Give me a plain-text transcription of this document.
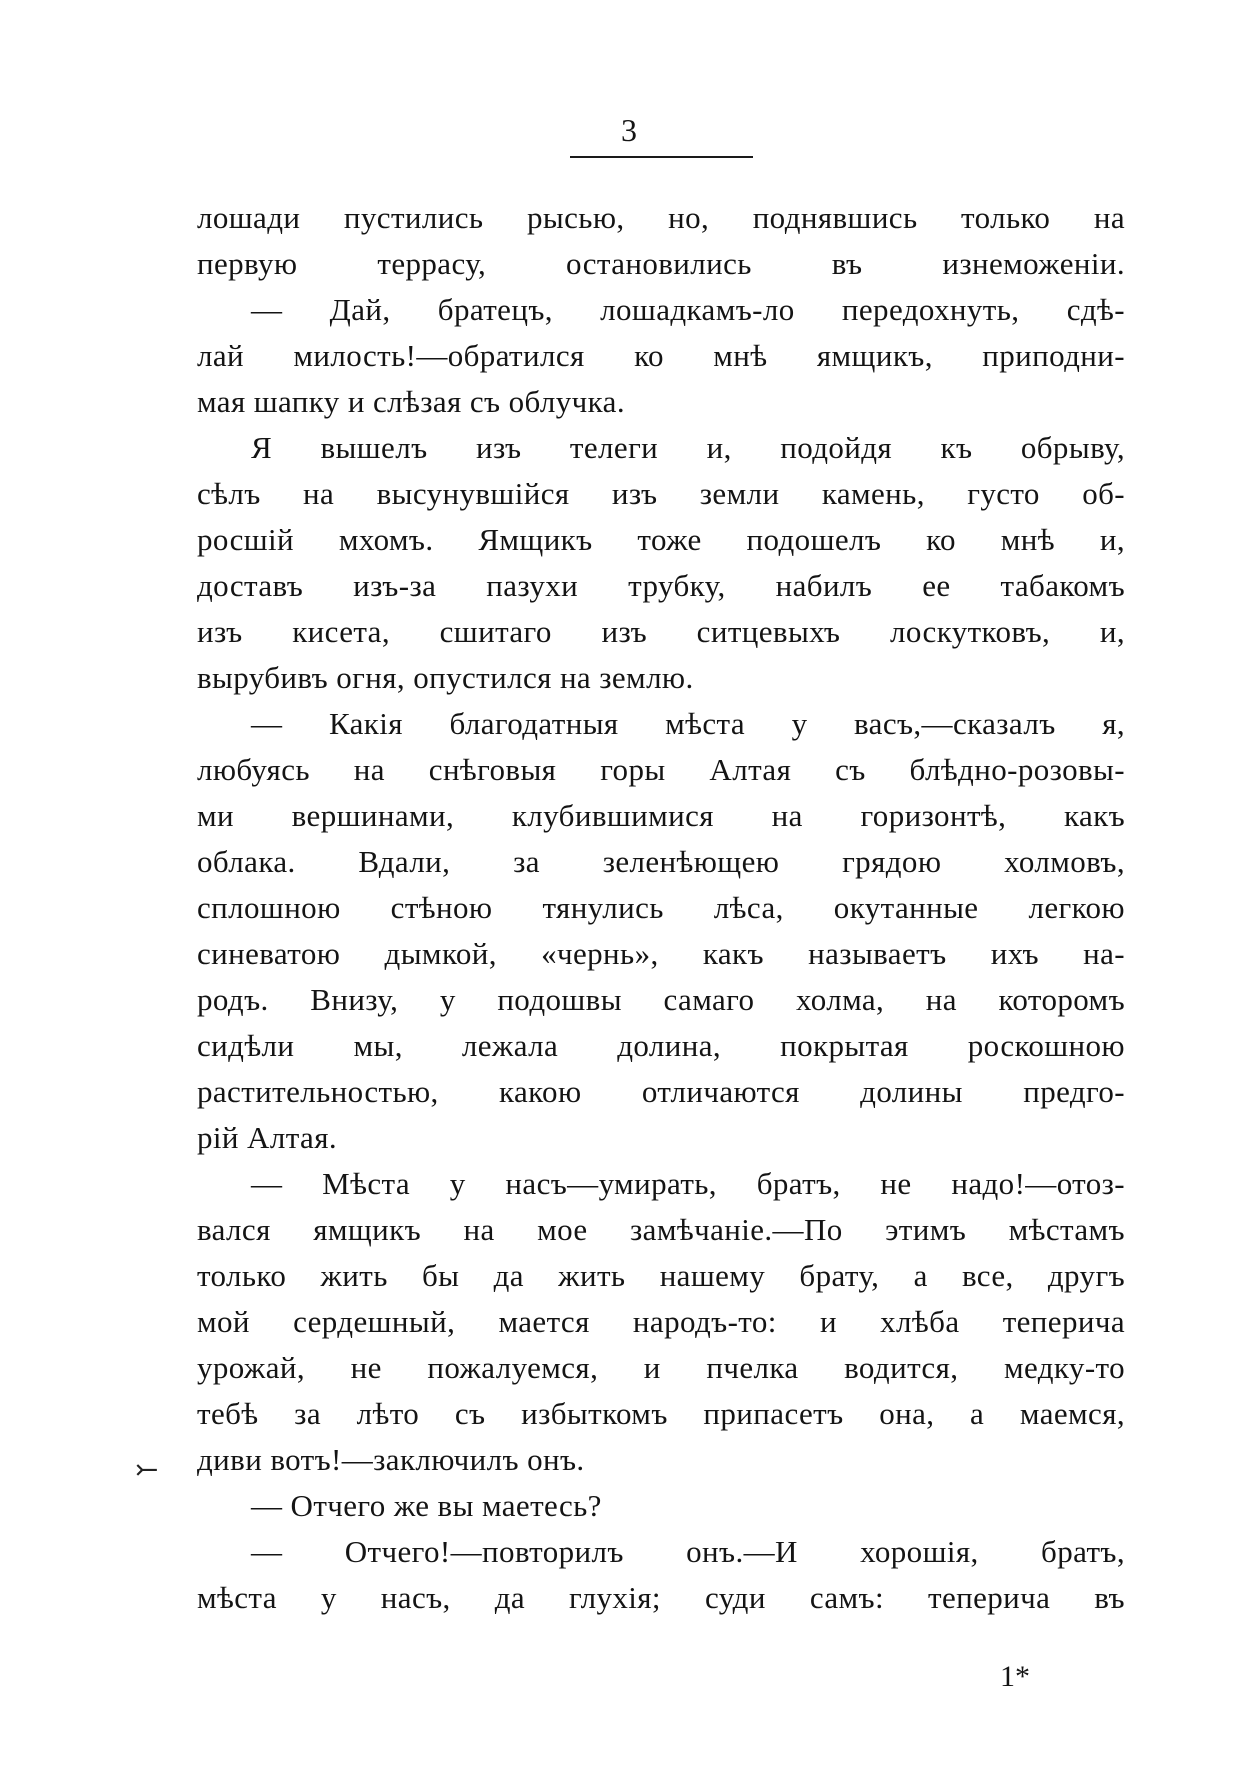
3
⤚
лошади пустились рысью, но, поднявшись только на
первую террасу, остановились въ изнеможенiи.
— Дай, братецъ, лошадкамъ-ло передохнуть, сдѣ-
лай милость!—обратился ко мнѣ ямщикъ, приподни-
мая шапку и слѣзая съ облучка.
Я вышелъ изъ телеги и, подойдя къ обрыву,
сѣлъ на высунувшiйся изъ земли камень, густо об-
росшiй мхомъ. Ямщикъ тоже подошелъ ко мнѣ и,
доставъ изъ-за пазухи трубку, набилъ ее табакомъ
изъ кисета, сшитаго изъ ситцевыхъ лоскутковъ, и,
вырубивъ огня, опустился на землю.
— Какiя благодатныя мѣста у васъ,—сказалъ я,
любуясь на снѣговыя горы Алтая съ блѣдно-розовы-
ми вершинами, клубившимися на горизонтѣ, какъ
облака. Вдали, за зеленѣющею грядою холмовъ,
сплошною стѣною тянулись лѣса, окутанные легкою
синеватою дымкой, «чернь», какъ называетъ ихъ на-
родъ. Внизу, у подошвы самаго холма, на которомъ
сидѣли мы, лежала долина, покрытая роскошною
растительностью, какою отличаются долины предго-
рiй Алтая.
— Мѣста у насъ—умирать, братъ, не надо!—отоз-
вался ямщикъ на мое замѣчанiе.—По этимъ мѣстамъ
только жить бы да жить нашему брату, а все, другъ
мой сердешный, мается народъ-то: и хлѣба теперича
урожай, не пожалуемся, и пчелка водится, медку-то
тебѣ за лѣто съ избыткомъ припасетъ она, а маемся,
диви вотъ!—заключилъ онъ.
— Отчего же вы маетесь?
— Отчего!—повторилъ онъ.—И хорошiя, братъ,
мѣста у насъ, да глухiя; суди самъ: теперича въ
1*
